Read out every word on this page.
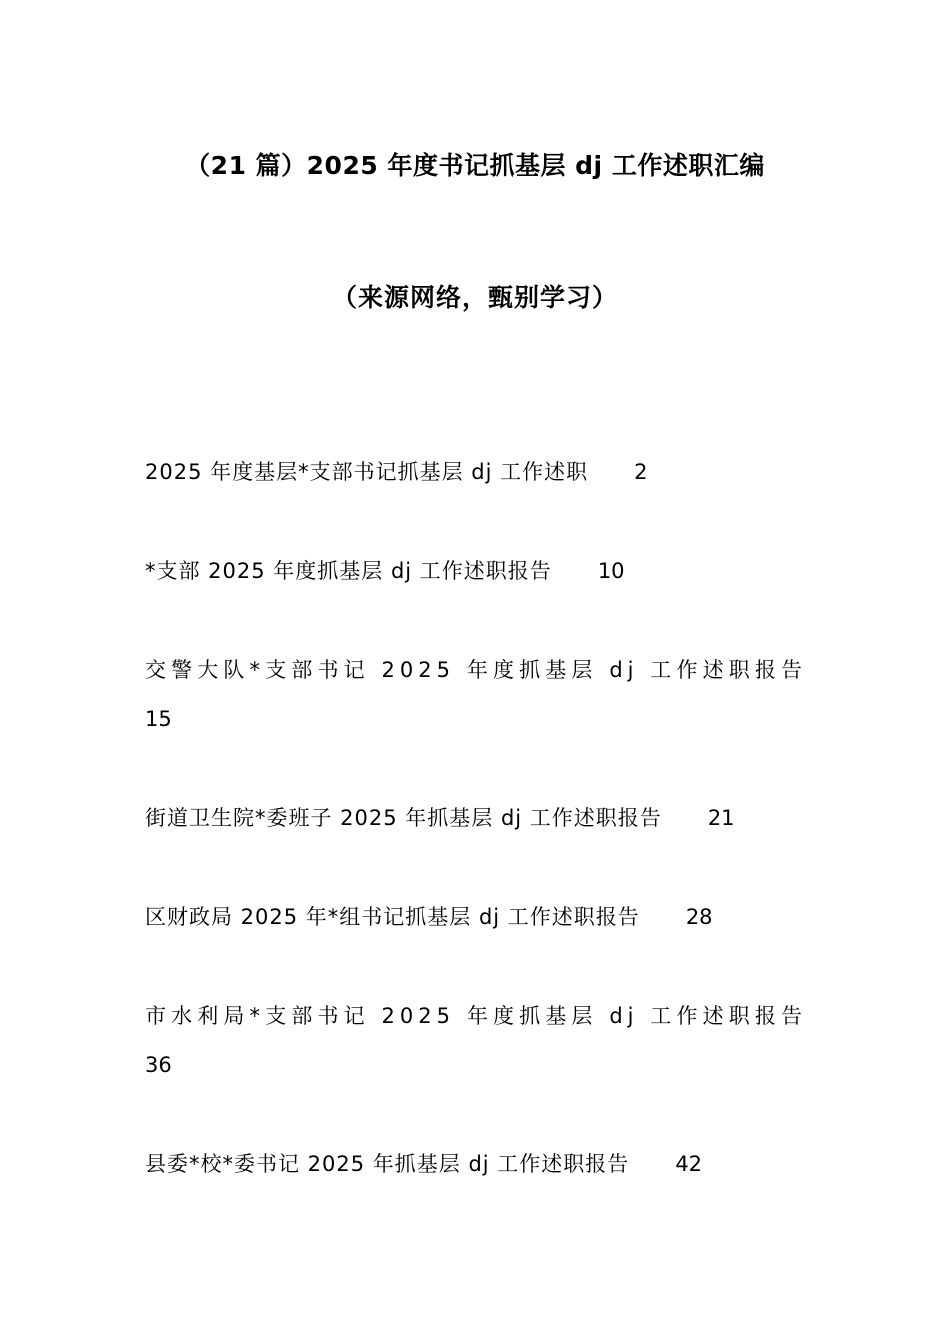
（21 篇）2025 年度书记抓基层 dj 工作述职汇编
（来源网络，甄别学习）
2025 年度基层*支部书记抓基层 dj 工作述职 2
*支部 2025 年度抓基层 dj 工作述职报告 10
交警大队*支部书记 2025 年度抓基层 dj 工作述职报告
15
街道卫生院*委班子 2025 年抓基层 dj 工作述职报告 21
区财政局 2025 年*组书记抓基层 dj 工作述职报告 28
市水利局*支部书记 2025 年度抓基层 dj 工作述职报告
36
县委*校*委书记 2025 年抓基层 dj 工作述职报告 42
